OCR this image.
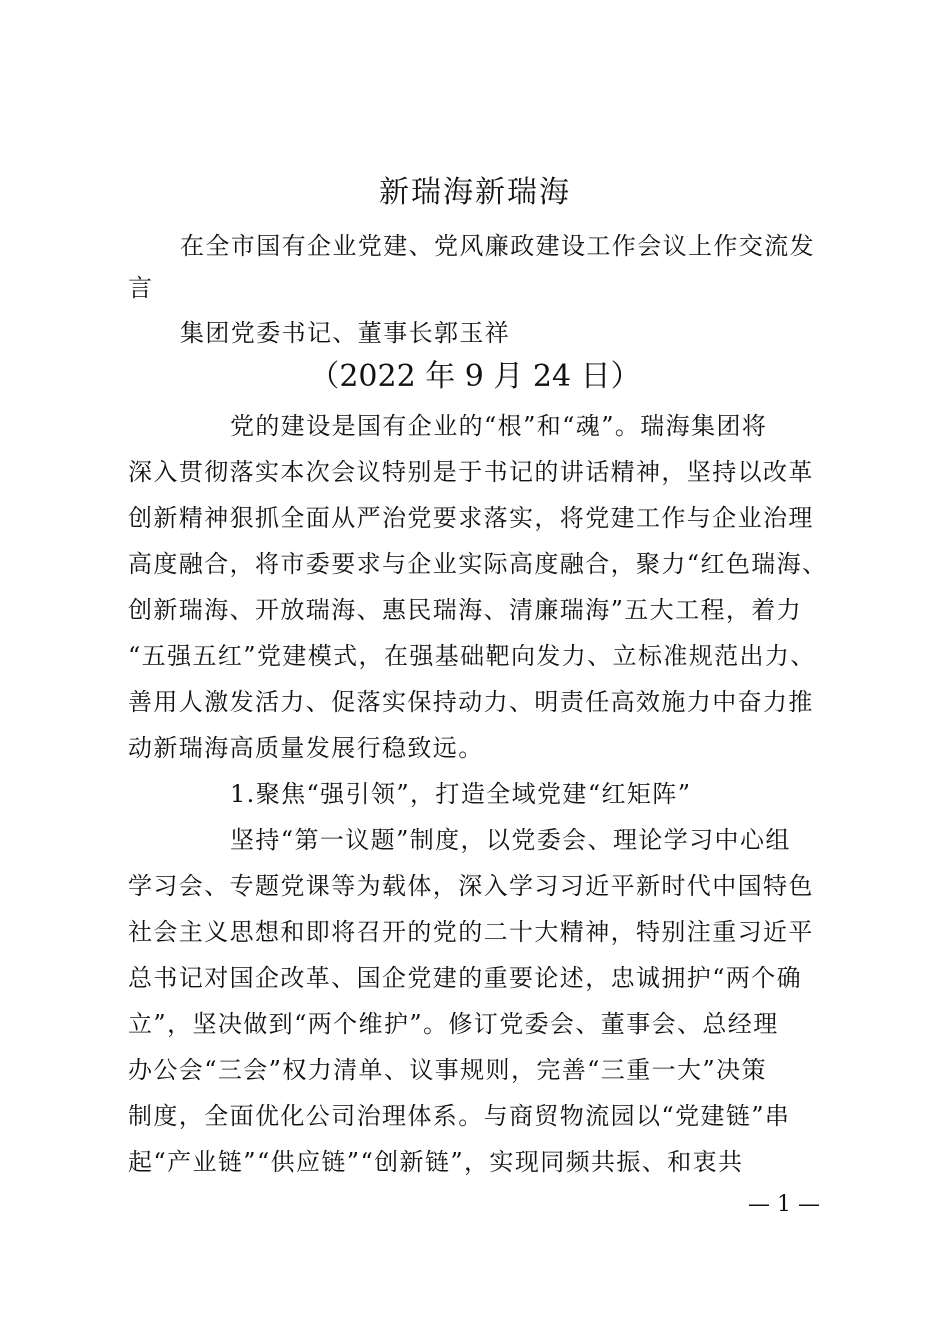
新瑞海新瑞海
在全市国有企业党建、党风廉政建设工作会议上作交流发
言
集团党委书记、董事长郭玉祥
（2022 年 9 月 24 日）
党的建设是国有企业的“根”和“魂”。瑞海集团将
深入贯彻落实本次会议特别是于书记的讲话精神，坚持以改革
创新精神狠抓全面从严治党要求落实，将党建工作与企业治理
高度融合，将市委要求与企业实际高度融合，聚力“红色瑞海、
创新瑞海、开放瑞海、惠民瑞海、清廉瑞海”五大工程，着力
“五强五红”党建模式，在强基础靶向发力、立标准规范出力、
善用人激发活力、促落实保持动力、明责任高效施力中奋力推
动新瑞海高质量发展行稳致远。
1.聚焦“强引领”，打造全域党建“红矩阵”
坚持“第一议题”制度，以党委会、理论学习中心组
学习会、专题党课等为载体，深入学习习近平新时代中国特色
社会主义思想和即将召开的党的二十大精神，特别注重习近平
总书记对国企改革、国企党建的重要论述，忠诚拥护“两个确
立”，坚决做到“两个维护”。修订党委会、董事会、总经理
办公会“三会”权力清单、议事规则，完善“三重一大”决策
制度，全面优化公司治理体系。与商贸物流园以“党建链”串
起“产业链”“供应链”“创新链”，实现同频共振、和衷共
— 1 —
